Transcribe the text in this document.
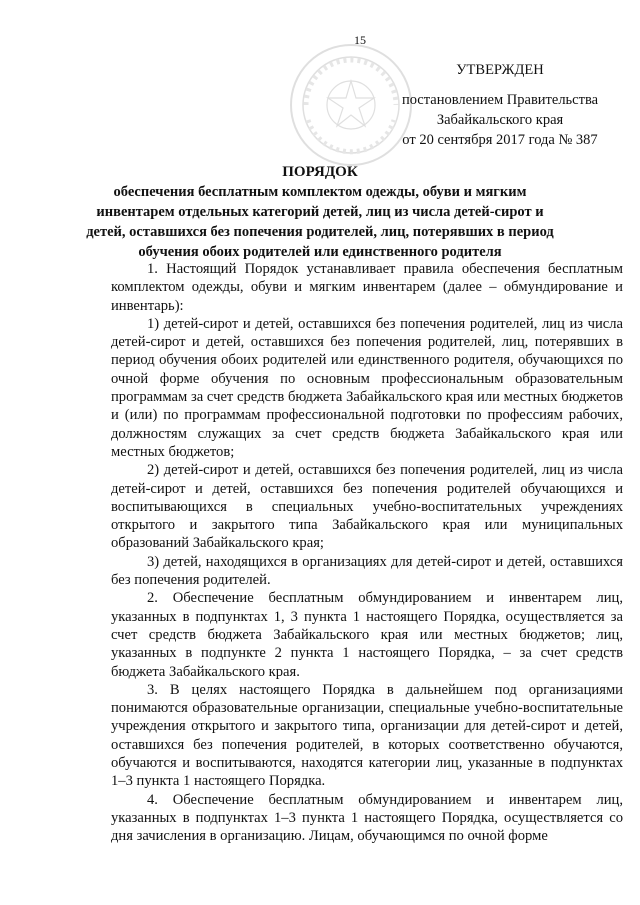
15
УТВЕРЖДЕН
постановлением Правительства
Забайкальского края
от 20 сентября 2017 года № 387
ПОРЯДОК
обеспечения бесплатным комплектом одежды, обуви и мягким
инвентарем отдельных категорий детей, лиц из числа детей-сирот и
детей, оставшихся без попечения родителей, лиц, потерявших в период
обучения обоих родителей или единственного родителя

1. Настоящий Порядок устанавливает правила обеспечения бесплатным комплектом одежды, обуви и мягким инвентарем (далее – обмундирование и инвентарь):

1) детей-сирот и детей, оставшихся без попечения родителей, лиц из числа детей-сирот и детей, оставшихся без попечения родителей, лиц, потерявших в период обучения обоих родителей или единственного родителя, обучающихся по очной форме обучения по основным профессиональным образовательным программам за счет средств бюджета Забайкальского края или местных бюджетов и (или) по программам профессиональной подготовки по профессиям рабочих, должностям служащих за счет средств бюджета Забайкальского края или местных бюджетов;

2) детей-сирот и детей, оставшихся без попечения родителей, лиц из числа детей-сирот и детей, оставшихся без попечения родителей обучающихся и воспитывающихся в специальных учебно-воспитательных учреждениях открытого и закрытого типа Забайкальского края или муниципальных образований Забайкальского края;

3) детей, находящихся в организациях для детей-сирот и детей, оставшихся без попечения родителей.

2. Обеспечение бесплатным обмундированием и инвентарем лиц, указанных в подпунктах 1, 3 пункта 1 настоящего Порядка, осуществляется за счет средств бюджета Забайкальского края или местных бюджетов; лиц, указанных в подпункте 2 пункта 1 настоящего Порядка, – за счет средств бюджета Забайкальского края.

3. В целях настоящего Порядка в дальнейшем под организациями понимаются образовательные организации, специальные учебно-воспитательные учреждения открытого и закрытого типа, организации для детей-сирот и детей, оставшихся без попечения родителей, в которых соответственно обучаются, обучаются и воспитываются, находятся категории лиц, указанные в подпунктах 1–3 пункта 1 настоящего Порядка.

4. Обеспечение бесплатным обмундированием и инвентарем лиц, указанных в подпунктах 1–3 пункта 1 настоящего Порядка, осуществляется со дня зачисления в организацию. Лицам, обучающимся по очной форме
